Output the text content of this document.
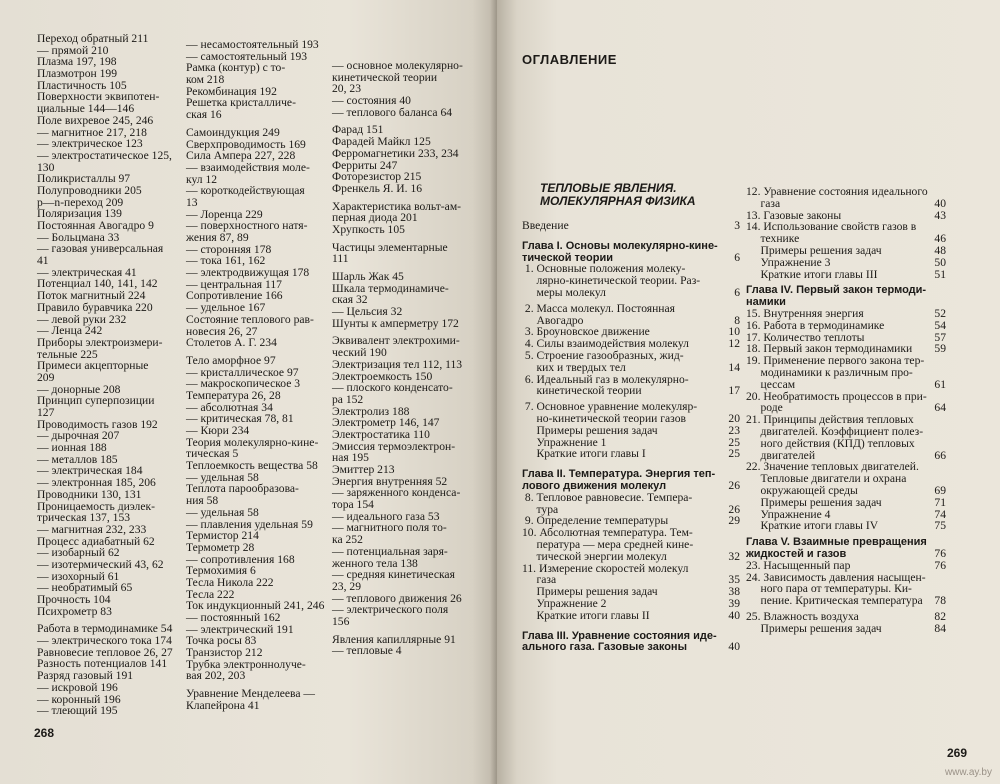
Переход обратный 211
— прямой 210
Плазма 197, 198
Плазмотрон 199
Пластичность 105
Поверхности эквипотен-
циальные 144—146
Поле вихревое 245, 246
— магнитное 217, 218
— электрическое 123
— электростатическое 125,
130
Поликристаллы 97
Полупроводники 205
р—n-переход 209
Поляризация 139
Постоянная Авогадро 9
— Больцмана 33
— газовая универсальная
41
— электрическая 41
Потенциал 140, 141, 142
Поток магнитный 224
Правило буравчика 220
— левой руки 232
— Ленца 242
Приборы электроизмери-
тельные 225
Примеси акцепторные
209
— донорные 208
Принцип суперпозиции
127
Проводимость газов 192
— дырочная 207
— ионная 188
— металлов 185
— электрическая 184
— электронная 185, 206
Проводники 130, 131
Проницаемость диэлек-
трическая 137, 153
— магнитная 232, 233
Процесс адиабатный 62
— изобарный 62
— изотермический 43, 62
— изохорный 61
— необратимый 65
Прочность 104
Психрометр 83
Работа в термодинамике 54
— электрического тока 174
Равновесие тепловое 26, 27
Разность потенциалов 141
Разряд газовый 191
— искровой 196
— коронный 196
— тлеющий 195
— несамостоятельный 193
— самостоятельный 193
Рамка (контур) с то-
ком 218
Рекомбинация 192
Решетка кристалличе-
ская 16
Самоиндукция 249
Сверхпроводимость 169
Сила Ампера 227, 228
— взаимодействия моле-
кул 12
— короткодействующая
13
— Лоренца 229
— поверхностного натя-
жения 87, 89
— сторонняя 178
— тока 161, 162
— электродвижущая 178
— центральная 117
Сопротивление 166
— удельное 167
Состояние теплового рав-
новесия 26, 27
Столетов А. Г. 234
Тело аморфное 97
— кристаллическое 97
— макроскопическое 3
Температура 26, 28
— абсолютная 34
— критическая 78, 81
— Кюри 234
Теория молекулярно-кине-
тическая 5
Теплоемкость вещества 58
— удельная 58
Теплота парообразова-
ния 58
— удельная 58
— плавления удельная 59
Термистор 214
Термометр 28
— сопротивления 168
Термохимия 6
Тесла Никола 222
Тесла 222
Ток индукционный 241, 246
— постоянный 162
— электрический 191
Точка росы 83
Транзистор 212
Трубка электроннолуче-
вая 202, 203
Уравнение Менделеева —
Клапейрона 41
— основное молекулярно-
кинетической теории
20, 23
— состояния 40
— теплового баланса 64
Фарад 151
Фарадей Майкл 125
Ферромагнетики 233, 234
Ферриты 247
Фоторезистор 215
Френкель Я. И. 16
Характеристика вольт-ам-
перная диода 201
Хрупкость 105
Частицы элементарные
111
Шарль Жак 45
Шкала термодинамиче-
ская 32
— Цельсия 32
Шунты к амперметру 172
Эквивалент электрохими-
ческий 190
Электризация тел 112, 113
Электроемкость 150
— плоского конденсато-
ра 152
Электролиз 188
Электрометр 146, 147
Электростатика 110
Эмиссия термоэлектрон-
ная 195
Эмиттер 213
Энергия внутренняя 52
— заряженного конденса-
тора 154
— идеального газа 53
— магнитного поля то-
ка 252
— потенциальная заря-
женного тела 138
— средняя кинетическая
23, 29
— теплового движения 26
— электрического поля
156
Явления капиллярные 91
— тепловые 4
268
ОГЛАВЛЕНИЕ
ТЕПЛОВЫЕ ЯВЛЕНИЯ.
МОЛЕКУЛЯРНАЯ ФИЗИКА
Введение	3
Глава I. Основы молекулярно-кине-
тической теории	6
1. Основные положения молеку-
лярно-кинетической теории. Раз-
меры молекул	6
2. Масса молекул. Постоянная
Авогадро	8
3. Броуновское движение	10
4. Силы взаимодействия молекул	12
5. Строение газообразных, жид-
ких и твердых тел	14
6. Идеальный газ в молекулярно-
кинетической теории	17
7. Основное уравнение молекуляр-
но-кинетической теории газов	20
Примеры решения задач	23
Упражнение 1	25
Краткие итоги главы I	25
Глава II. Температура. Энергия теп-
лового движения молекул	26
8. Тепловое равновесие. Темпера-
тура	26
9. Определение температуры	29
10. Абсолютная температура. Тем-
пература — мера средней кине-
тической энергии молекул	32
11. Измерение скоростей молекул
газа	35
Примеры решения задач	38
Упражнение 2	39
Краткие итоги главы II	40
Глава III. Уравнение состояния иде-
ального газа. Газовые законы	40
12. Уравнение состояния идеального
газа	40
13. Газовые законы	43
14. Использование свойств газов в
технике	46
Примеры решения задач	48
Упражнение 3	50
Краткие итоги главы III	51
Глава IV. Первый закон термоди-
намики
15. Внутренняя энергия	52
16. Работа в термодинамике	54
17. Количество теплоты	57
18. Первый закон термодинамики 59
19. Применение первого закона тер-
модинамики к различным про-
цессам	61
20. Необратимость процессов в при-
роде	64
21. Принципы действия тепловых
двигателей. Коэффициент полез-
ного действия (КПД) тепловых
двигателей	66
22. Значение тепловых двигателей.
Тепловые двигатели и охрана
окружающей среды	69
Примеры решения задач	71
Упражнение 4	74
Краткие итоги главы IV	75
Глава V. Взаимные превращения
жидкостей и газов	76
23. Насыщенный пар	76
24. Зависимость давления насыщен-
ного пара от температуры. Ки-
пение. Критическая температура 78
25. Влажность воздуха	82
Примеры решения задач	84
269
www.ay.by
